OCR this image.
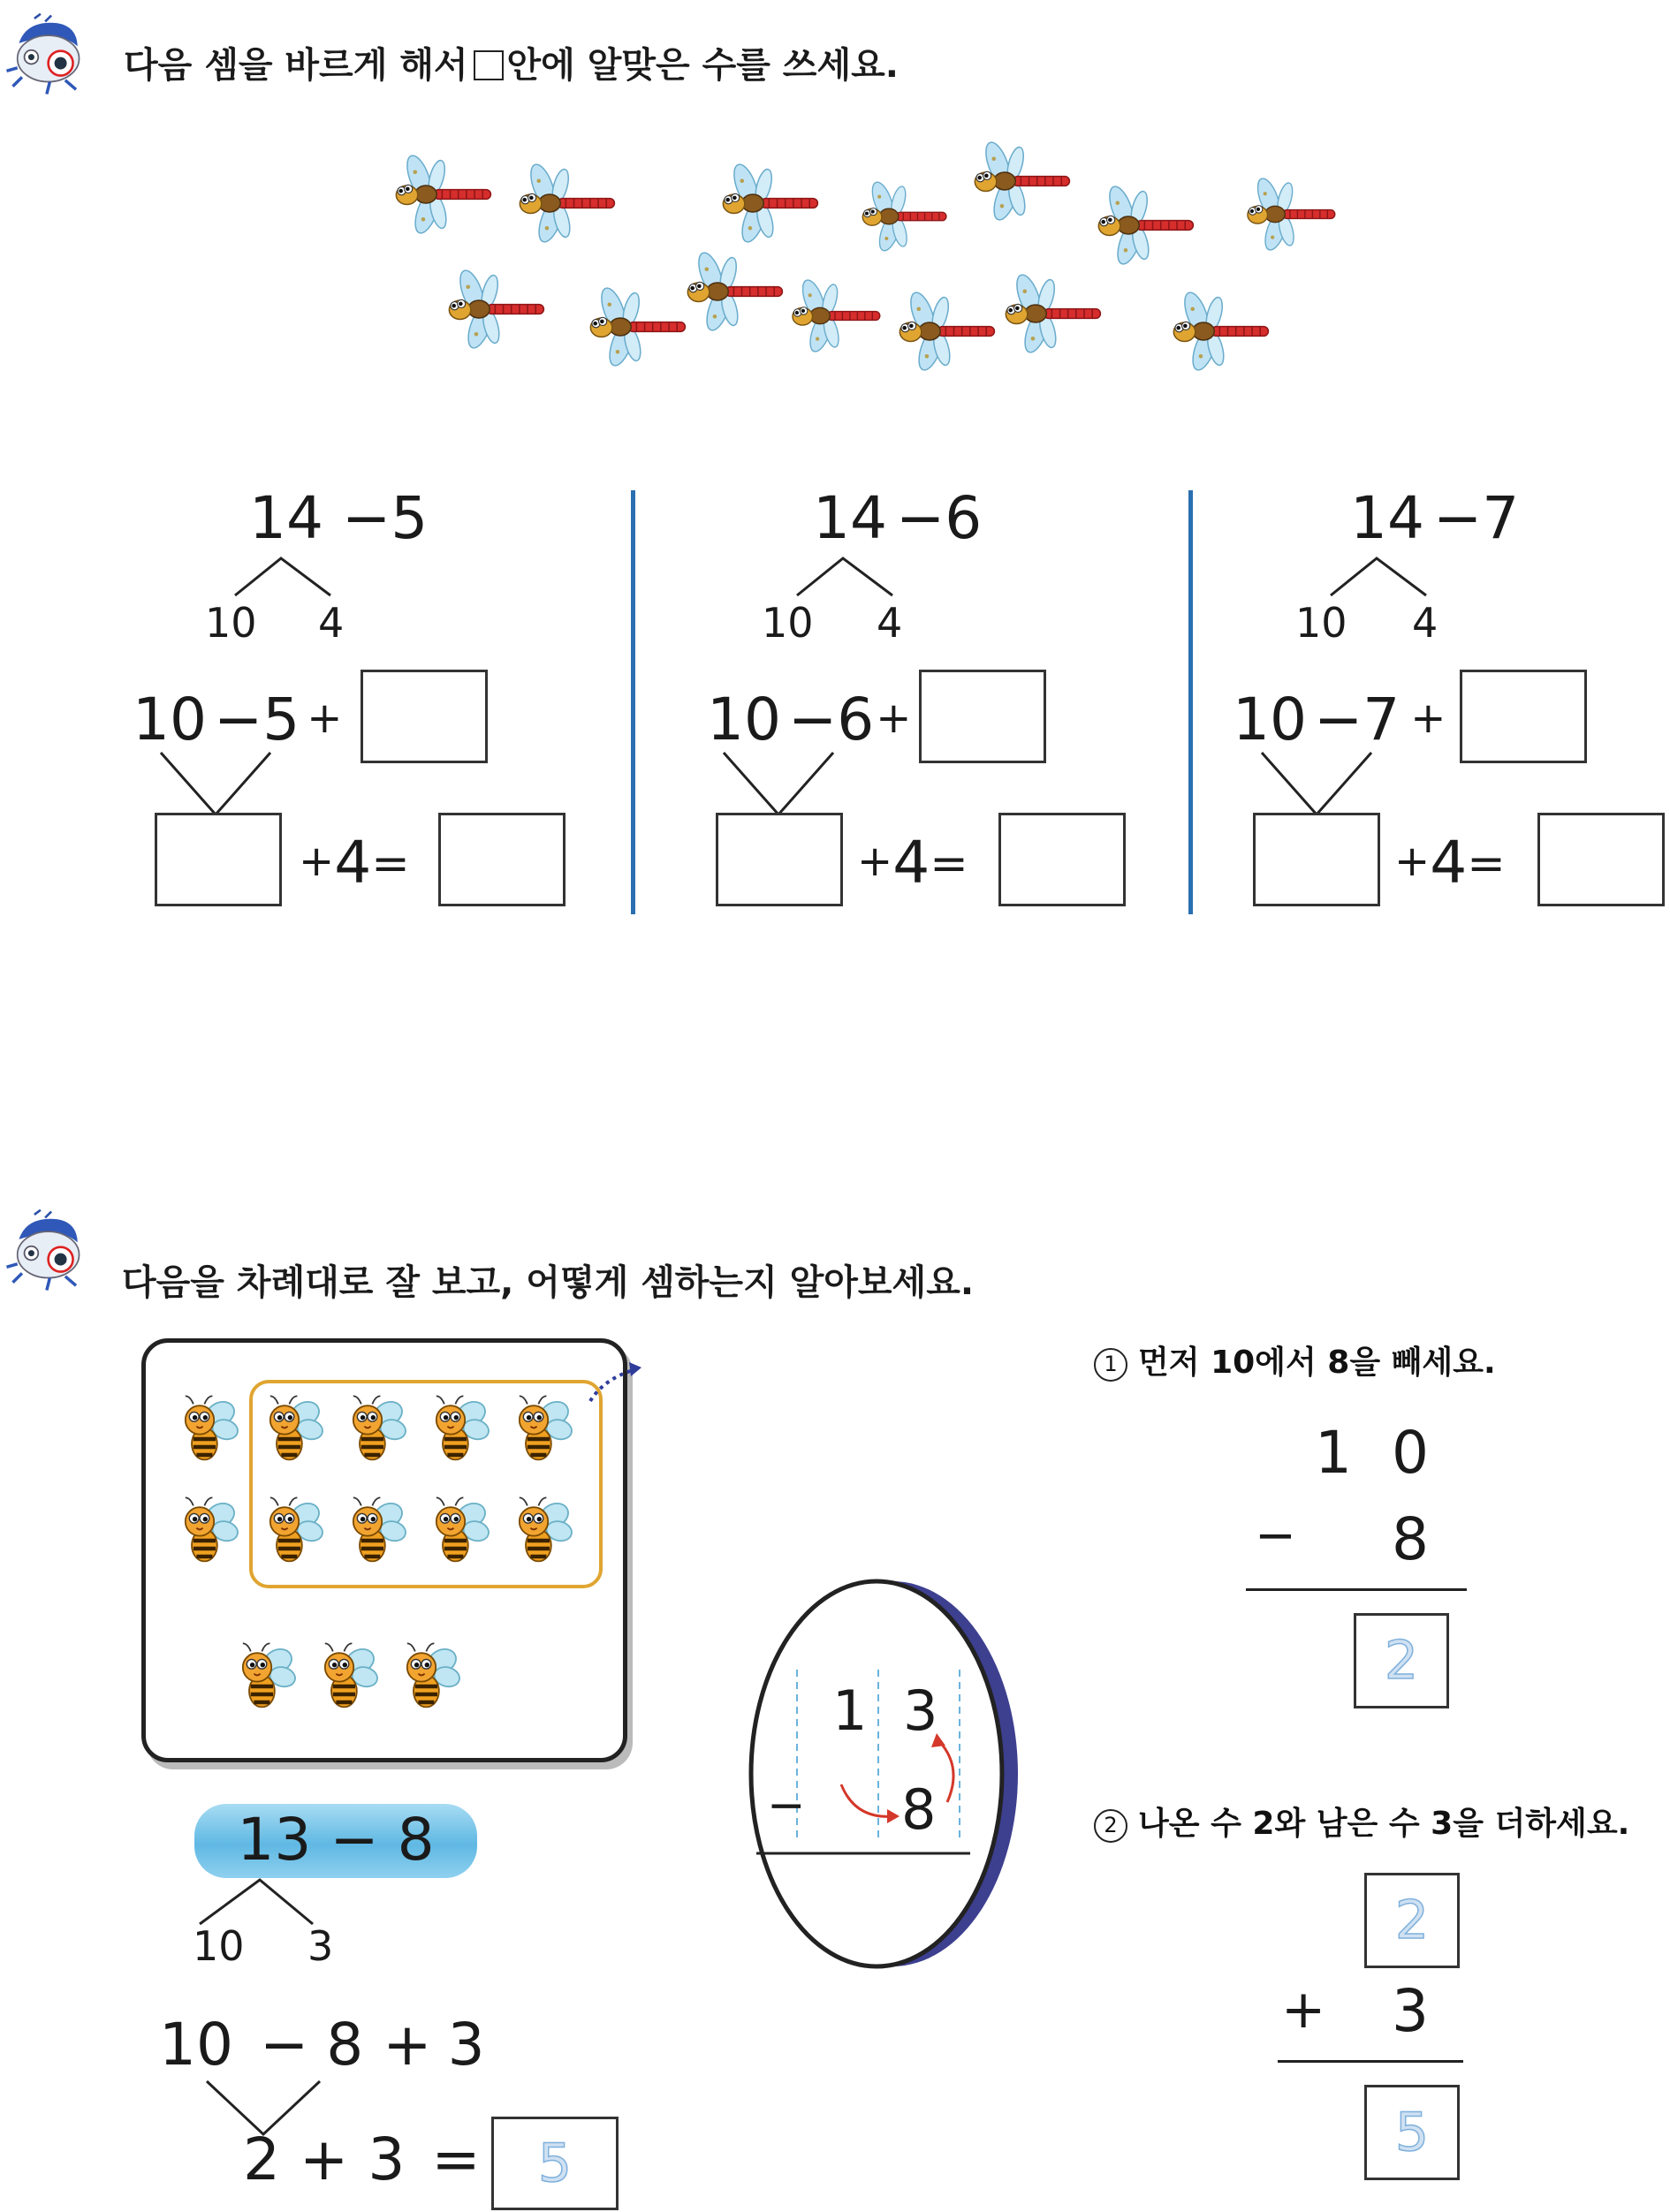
다음 셈을 바르게 해서 안에 알맞은 수를 쓰세요.
14 −5
10 4
10 −5 +
+4=
14 −6
10 4
10 −6+
+4=
14 −7
10 4
10 −7 +
+4=
다음을 차례대로 잘 보고, 어떻게 셈하는지 알아보세요.
13 − 8
10 3
10 − 8 + 3
2 + 3 =	5
1 3
− 8
1 먼저 10에서 8을 빼세요.
1 0
− 8
2
2 나온 수 2와 남은 수 3을 더하세요.
2
+ 3
5
